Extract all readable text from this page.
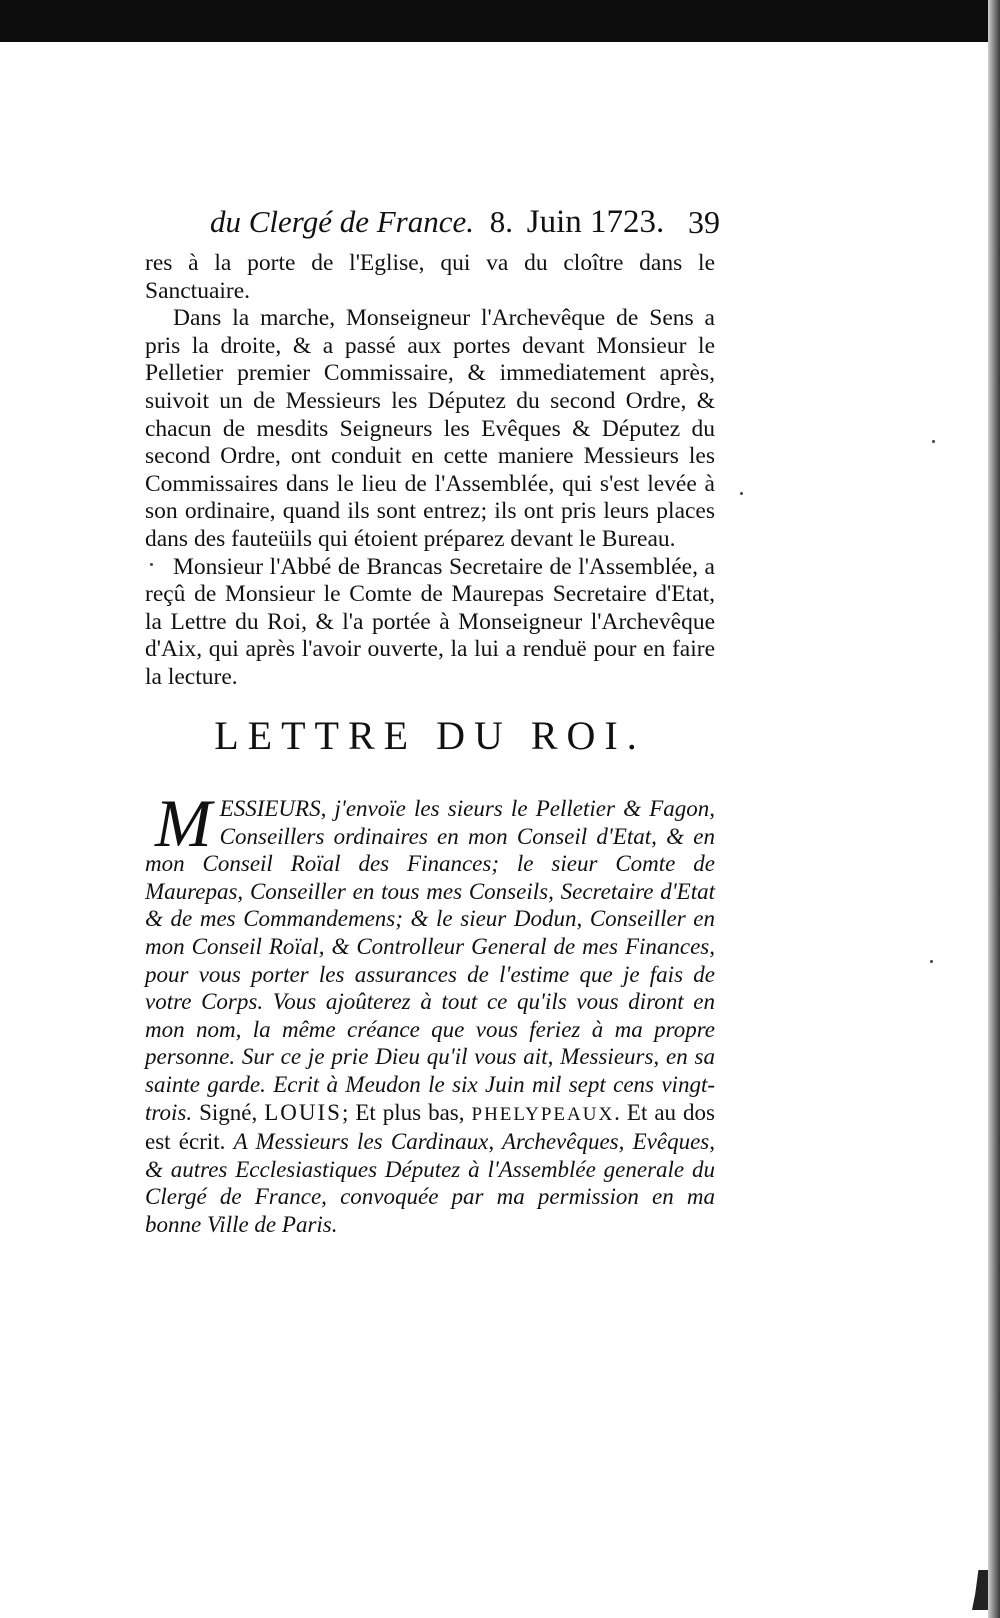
du Clergé de France. 8. Juin 1723. 39

res à la porte de l'Eglise, qui va du cloître dans le Sanctuaire.

Dans la marche, Monseigneur l'Archevêque de Sens a pris la droite, & a passé aux portes devant Monsieur le Pelletier premier Commissaire, & immediatement après, suivoit un de Messieurs les Députez du second Ordre, & chacun de mesdits Seigneurs les Evêques & Députez du second Ordre, ont conduit en cette maniere Messieurs les Commissaires dans le lieu de l'Assemblée, qui s'est levée à son ordinaire, quand ils sont entrez; ils ont pris leurs places dans des fauteüils qui étoient préparez devant le Bureau.

Monsieur l'Abbé de Brancas Secretaire de l'Assemblée, a reçû de Monsieur le Comte de Maurepas Secretaire d'Etat, la Lettre du Roi, & l'a portée à Monseigneur l'Archevêque d'Aix, qui après l'avoir ouverte, la lui a renduë pour en faire la lecture.

LETTRE DU ROI.
M ESSIEURS, j'envoïe les sieurs le Pelletier & Fagon, Conseillers ordinaires en mon Conseil d'Etat, & en mon Conseil Roïal des Finances; le sieur Comte de Maurepas, Conseiller en tous mes Conseils, Secretaire d'Etat & de mes Commandemens; & le sieur Dodun, Conseiller en mon Conseil Roïal, & Controlleur General de mes Finances, pour vous porter les assurances de l'estime que je fais de votre Corps. Vous ajoûterez à tout ce qu'ils vous diront en mon nom, la même créance que vous feriez à ma propre personne. Sur ce je prie Dieu qu'il vous ait, Messieurs, en sa sainte garde. Ecrit à Meudon le six Juin mil sept cens vingt-trois. Signé, LOUIS; Et plus bas, PHELYPEAUX. Et au dos est écrit. A Messieurs les Cardinaux, Archevêques, Evêques, & autres Ecclesiastiques Députez à l'Assemblée generale du Clergé de France, convoquée par ma permission en ma bonne Ville de Paris.
